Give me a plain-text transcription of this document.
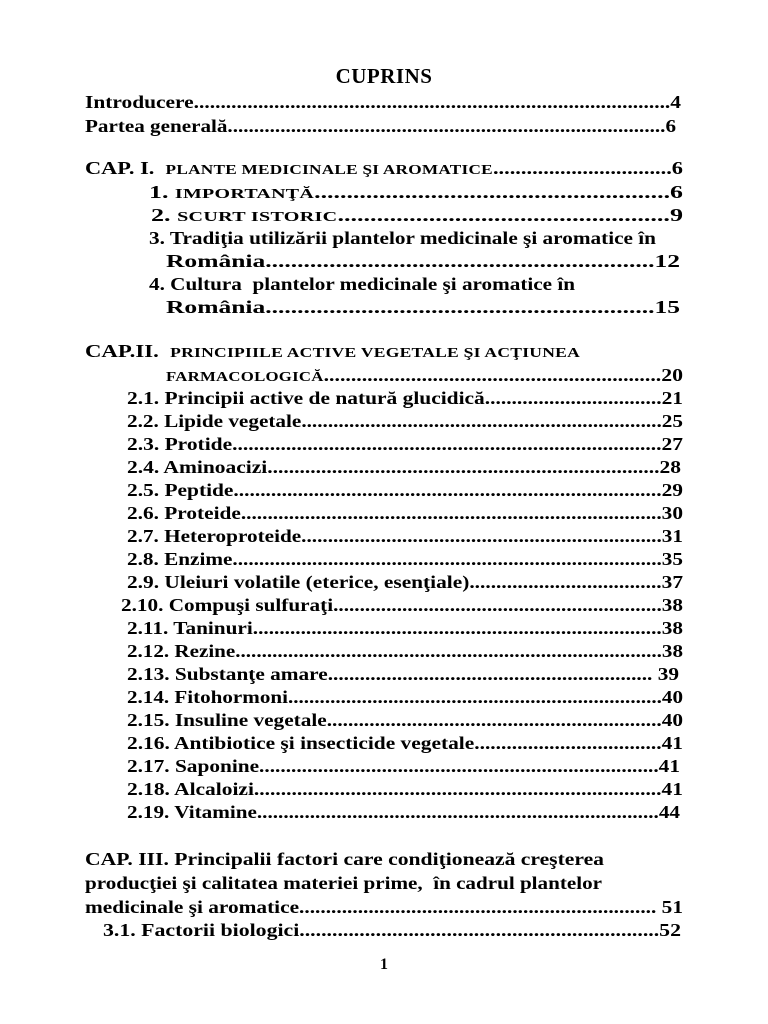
CUPRINS
Introducere.........................................................................................4
Partea generală...................................................................................6
CAP. I.  PLANTE MEDICINALE ŞI AROMATICE................................6
1. IMPORTANŢĂ.......................................................6
2. SCURT ISTORIC...................................................9
3. Tradiţia utilizării plantelor medicinale şi aromatice în
România.............................................................12
4. Cultura  plantelor medicinale şi aromatice în
România.............................................................15
CAP.II.  PRINCIPIILE ACTIVE VEGETALE ŞI ACŢIUNEA
FARMACOLOGICĂ..............................................................20
2.1. Principii active de natură glucidică.................................21
2.2. Lipide vegetale....................................................................25
2.3. Protide................................................................................27
2.4. Aminoacizi.........................................................................28
2.5. Peptide................................................................................29
2.6. Proteide...............................................................................30
2.7. Heteroproteide....................................................................31
2.8. Enzime.................................................................................35
2.9. Uleiuri volatile (eterice, esenţiale)....................................37
2.10. Compuşi sulfuraţi..............................................................38
2.11. Taninuri.............................................................................38
2.12. Rezine.................................................................................38
2.13. Substanţe amare............................................................. 39
2.14. Fitohormoni.......................................................................40
2.15. Insuline vegetale...............................................................40
2.16. Antibiotice şi insecticide vegetale...................................41
2.17. Saponine...........................................................................41
2.18. Alcaloizi............................................................................41
2.19. Vitamine............................................................................44
CAP. III. Principalii factori care condiţionează creşterea
producţiei şi calitatea materiei prime,  în cadrul plantelor
medicinale şi aromatice................................................................... 51
3.1. Factorii biologici..................................................................52
1
